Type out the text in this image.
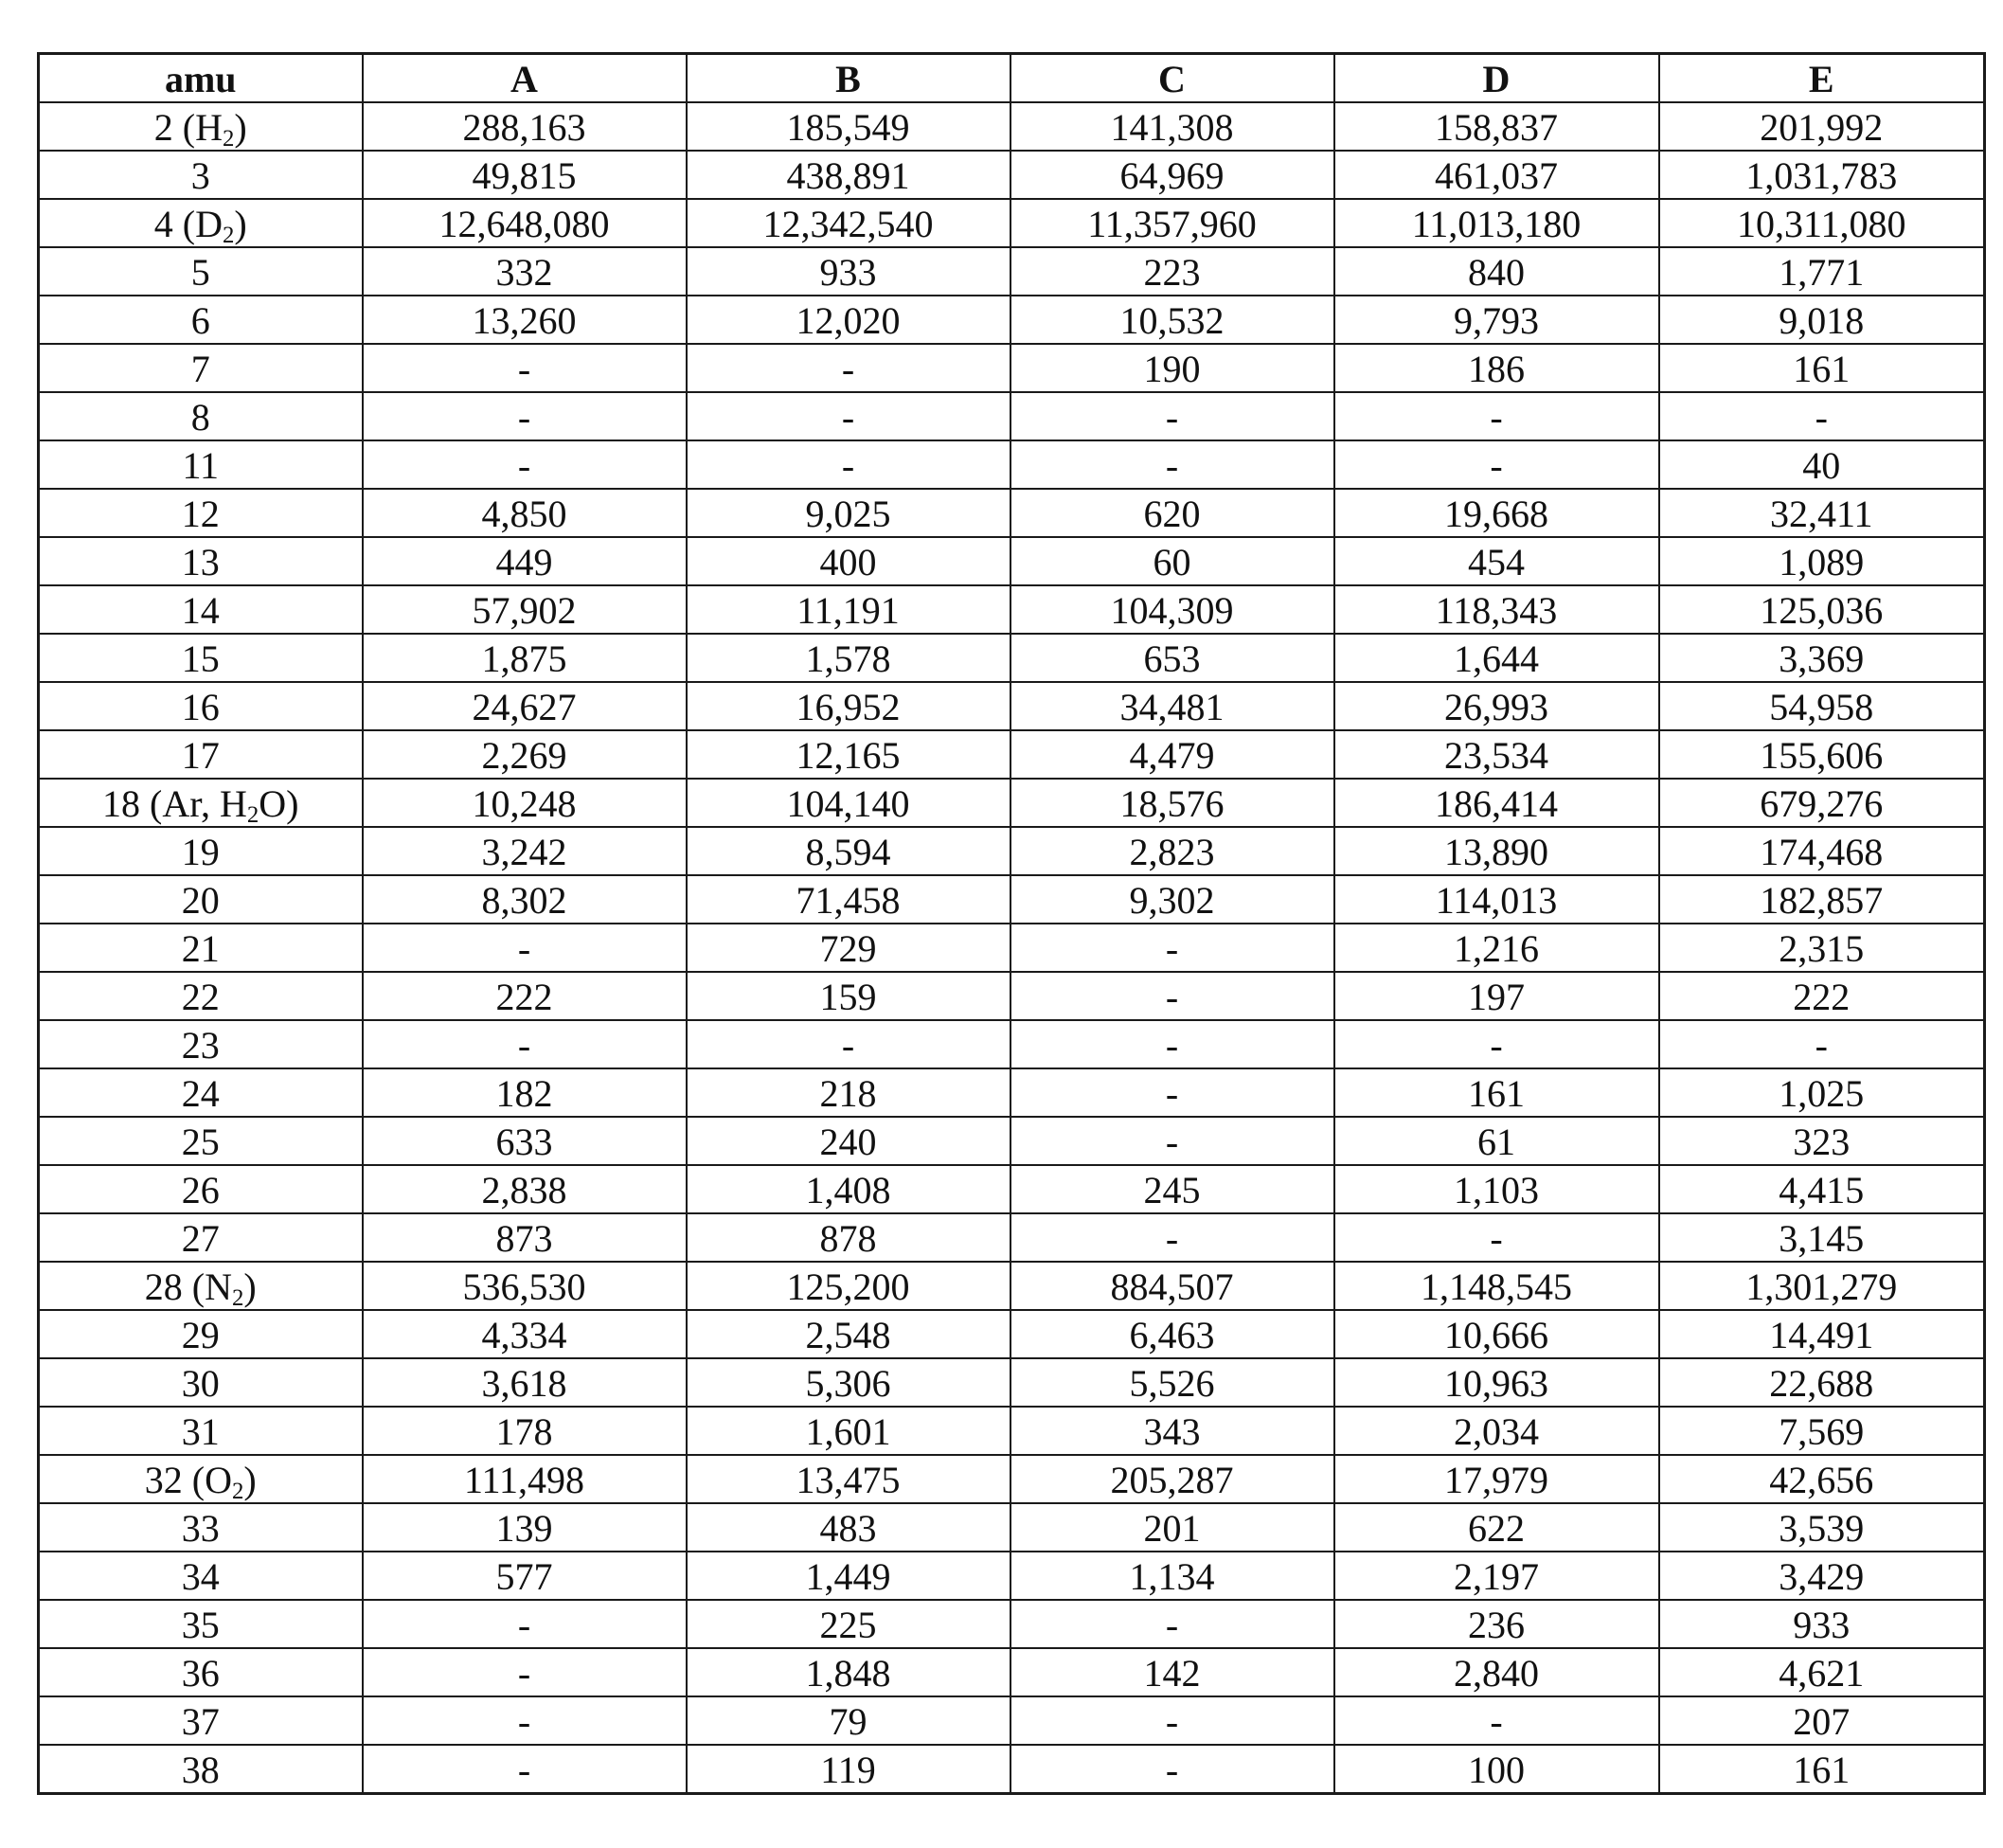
amu	A	B	C	D	E
2 $(H_2)$	288,163	185,549	141,308	158,837	201,992
3	49,815	438,891	64,969	461,037	1,031,783
4 $(D_2)$	12,648,080	12,342,540	11,357,960	11,013,180	10,311,080
5	332	933	223	840	1,771
6	13,260	12,020	10,532	9,793	9,018
7	-	-	190	186	161
8	-	-	-	-	-
11	-	-	-	-	40
12	4,850	9,025	620	19,668	32,411
13	449	400	60	454	1,089
14	57,902	11,191	104,309	118,343	125,036
15	1,875	1,578	653	1,644	3,369
16	24,627	16,952	34,481	26,993	54,958
17	2,269	12,165	4,479	23,534	155,606
18 (Ar, $H_2O$)	10,248	104,140	18,576	186,414	679,276
19	3,242	8,594	2,823	13,890	174,468
20	8,302	71,458	9,302	114,013	182,857
21	-	729	-	1,216	2,315
22	222	159	-	197	222
23	-	-	-	-	-
24	182	218	-	161	1,025
25	633	240	-	61	323
26	2,838	1,408	245	1,103	4,415
27	873	878	-	-	3,145
28 $(N_2)$	536,530	125,200	884,507	1,148,545	1,301,279
29	4,334	2,548	6,463	10,666	14,491
30	3,618	5,306	5,526	10,963	22,688
31	178	1,601	343	2,034	7,569
32 $(O_2)$	111,498	13,475	205,287	17,979	42,656
33	139	483	201	622	3,539
34	577	1,449	1,134	2,197	3,429
35	-	225	-	236	933
36	-	1,848	142	2,840	4,621
37	-	79	-	-	207
38	-	119	-	100	161
